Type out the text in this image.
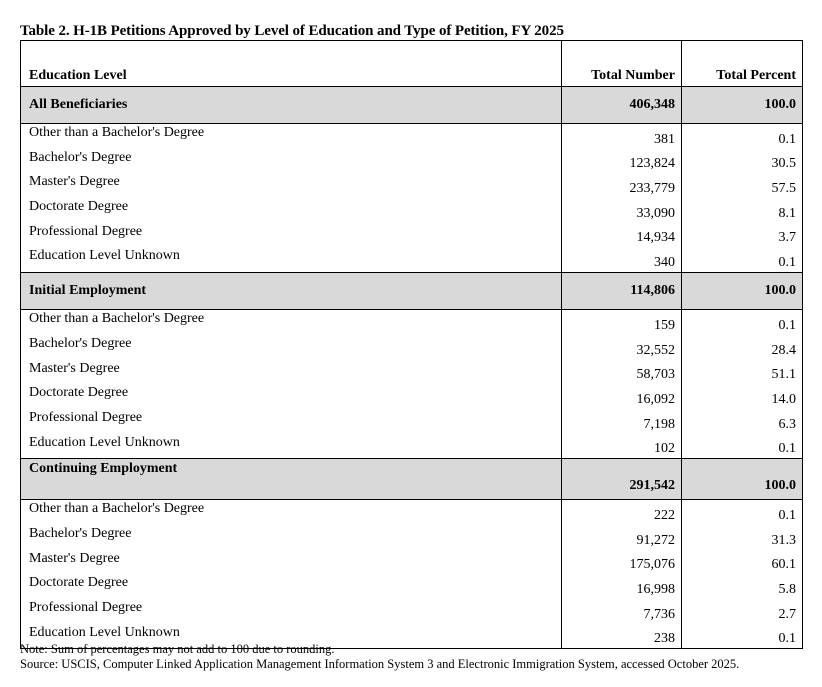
Table 2. H-1B Petitions Approved by Level of Education and Type of Petition, FY 2025
Education Level	Total Number	Total Percent
All Beneficiaries	406,348	100.0
Other than a Bachelor's Degree	381	0.1
Bachelor's Degree	123,824	30.5
Master's Degree	233,779	57.5
Doctorate Degree	33,090	8.1
Professional Degree	14,934	3.7
Education Level Unknown	340	0.1
Initial Employment	114,806	100.0
Other than a Bachelor's Degree	159	0.1
Bachelor's Degree	32,552	28.4
Master's Degree	58,703	51.1
Doctorate Degree	16,092	14.0
Professional Degree	7,198	6.3
Education Level Unknown	102	0.1
Continuing Employment	291,542	100.0
Other than a Bachelor's Degree	222	0.1
Bachelor's Degree	91,272	31.3
Master's Degree	175,076	60.1
Doctorate Degree	16,998	5.8
Professional Degree	7,736	2.7
Education Level Unknown	238	0.1
Note: Sum of percentages may not add to 100 due to rounding.
Source: USCIS, Computer Linked Application Management Information System 3 and Electronic Immigration System, accessed October 2025.
